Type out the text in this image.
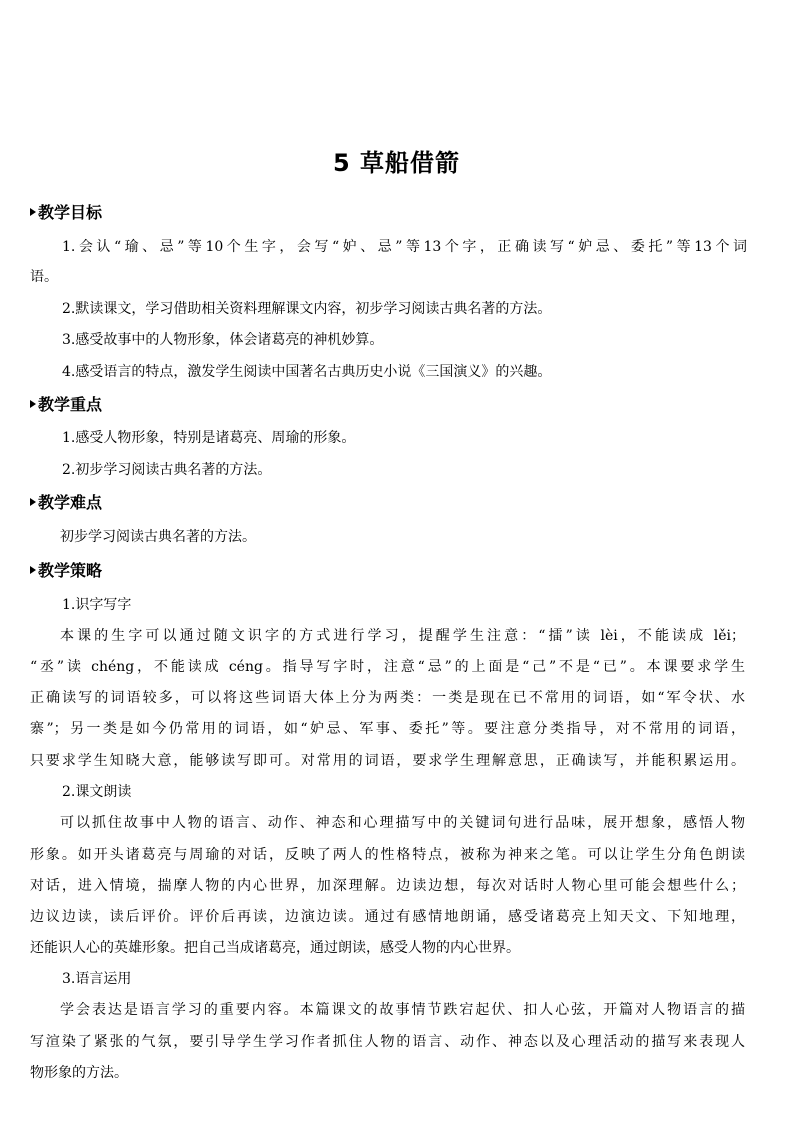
5 草船借箭
教学目标
1.会认“瑜、忌”等10个生字，会写“妒、忌”等13个字，正确读写“妒忌、委托”等13个词
语。
2.默读课文，学习借助相关资料理解课文内容，初步学习阅读古典名著的方法。
3.感受故事中的人物形象，体会诸葛亮的神机妙算。
4.感受语言的特点，激发学生阅读中国著名古典历史小说《三国演义》的兴趣。
教学重点
1.感受人物形象，特别是诸葛亮、周瑜的形象。
2.初步学习阅读古典名著的方法。
教学难点
初步学习阅读古典名著的方法。
教学策略
1.识字写字
本课的生字可以通过随文识字的方式进行学习，提醒学生注意：“擂”读 lèi，不能读成 lěi；
“丞”读 chéng，不能读成 céng。指导写字时，注意“忌”的上面是“己”不是“已”。本课要求学生
正确读写的词语较多，可以将这些词语大体上分为两类：一类是现在已不常用的词语，如“军令状、水
寨”；另一类是如今仍常用的词语，如“妒忌、军事、委托”等。要注意分类指导，对不常用的词语，
只要求学生知晓大意，能够读写即可。对常用的词语，要求学生理解意思，正确读写，并能积累运用。
2.课文朗读
可以抓住故事中人物的语言、动作、神态和心理描写中的关键词句进行品味，展开想象，感悟人物
形象。如开头诸葛亮与周瑜的对话，反映了两人的性格特点，被称为神来之笔。可以让学生分角色朗读
对话，进入情境，揣摩人物的内心世界，加深理解。边读边想，每次对话时人物心里可能会想些什么；
边议边读，读后评价。评价后再读，边演边读。通过有感情地朗诵，感受诸葛亮上知天文、下知地理，
还能识人心的英雄形象。把自己当成诸葛亮，通过朗读，感受人物的内心世界。
3.语言运用
学会表达是语言学习的重要内容。本篇课文的故事情节跌宕起伏、扣人心弦，开篇对人物语言的描
写渲染了紧张的气氛，要引导学生学习作者抓住人物的语言、动作、神态以及心理活动的描写来表现人
物形象的方法。
